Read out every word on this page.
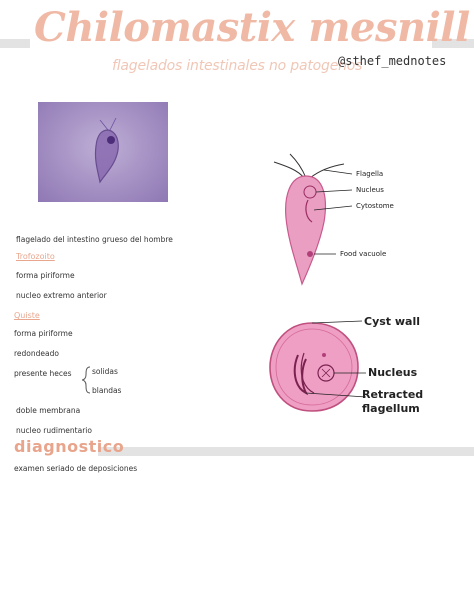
Chilomastix mesnill
flagelados intestinales no patogenos
@sthef_mednotes
flagelado del intestino grueso del hombre
Trofozoito
forma piriforme
nucleo extremo anterior
Quiste
forma piriforme
redondeado
presente heces	solidas
blandas
doble membrana
nucleo rudimentario
diagnostico
examen seriado de deposiciones
Flagella
Nucleus
Cytostome
Food vacuole
Cyst wall
Nucleus
Retracted
flagellum
